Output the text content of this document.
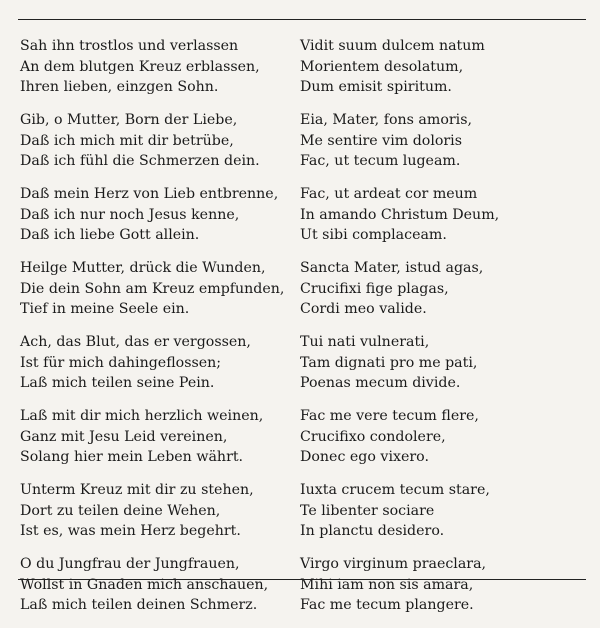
Sah ihn trostlos und verlassen
An dem blutgen Kreuz erblassen,
Ihren lieben, einzgen Sohn.
Gib, o Mutter, Born der Liebe,
Daß ich mich mit dir betrübe,
Daß ich fühl die Schmerzen dein.
Daß mein Herz von Lieb entbrenne,
Daß ich nur noch Jesus kenne,
Daß ich liebe Gott allein.
Heilge Mutter, drück die Wunden,
Die dein Sohn am Kreuz empfunden,
Tief in meine Seele ein.
Ach, das Blut, das er vergossen,
Ist für mich dahingeflossen;
Laß mich teilen seine Pein.
Laß mit dir mich herzlich weinen,
Ganz mit Jesu Leid vereinen,
Solang hier mein Leben währt.
Unterm Kreuz mit dir zu stehen,
Dort zu teilen deine Wehen,
Ist es, was mein Herz begehrt.
O du Jungfrau der Jungfrauen,
Wollst in Gnaden mich anschauen,
Laß mich teilen deinen Schmerz.
Vidit suum dulcem natum
Morientem desolatum,
Dum emisit spiritum.
Eia, Mater, fons amoris,
Me sentire vim doloris
Fac, ut tecum lugeam.
Fac, ut ardeat cor meum
In amando Christum Deum,
Ut sibi complaceam.
Sancta Mater, istud agas,
Crucifixi fige plagas,
Cordi meo valide.
Tui nati vulnerati,
Tam dignati pro me pati,
Poenas mecum divide.
Fac me vere tecum flere,
Crucifixo condolere,
Donec ego vixero.
Iuxta crucem tecum stare,
Te libenter sociare
In planctu desidero.
Virgo virginum praeclara,
Mihi iam non sis amara,
Fac me tecum plangere.
